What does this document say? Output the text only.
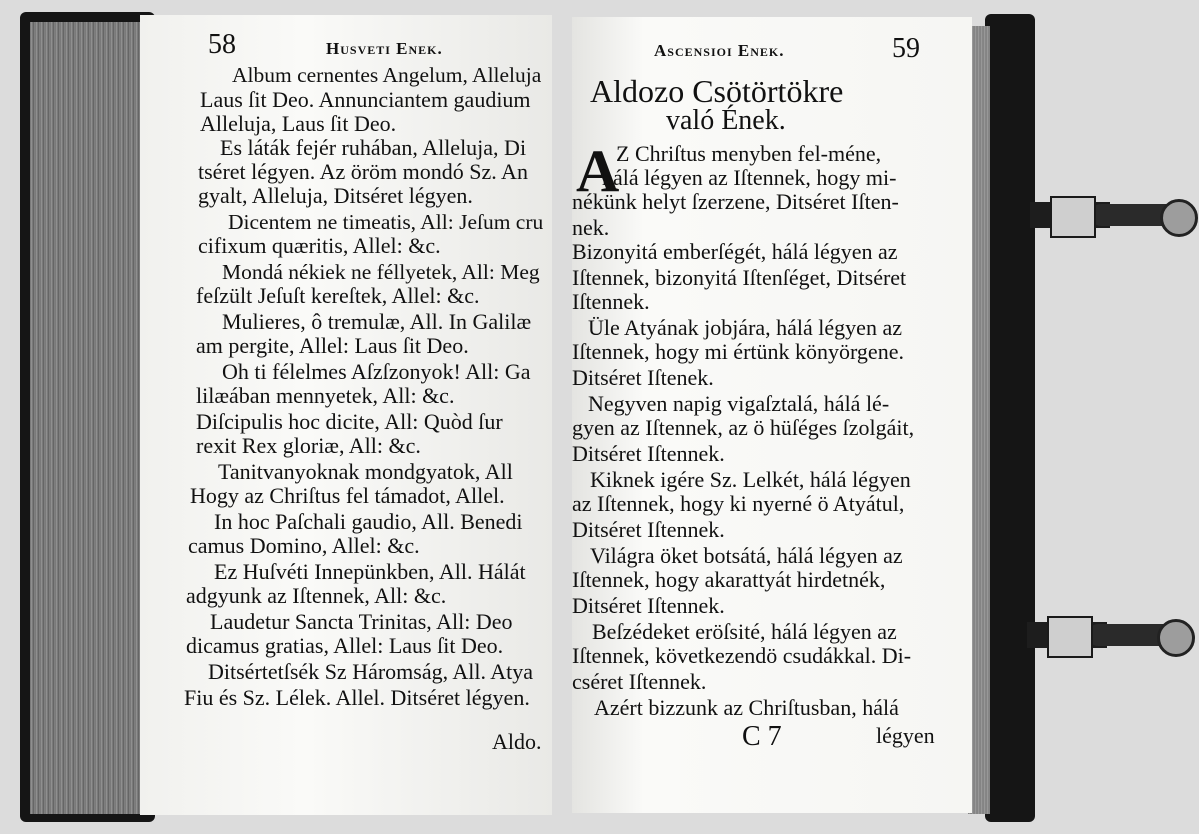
58	Husveti Enek.
Album cernentes Angelum, Alleluja
Laus ſit Deo. Annunciantem gaudium
Alleluja, Laus ſit Deo.
Es láták fejér ruhában, Alleluja, Di
tséret légyen. Az öröm mondó Sz. An
gyalt, Alleluja, Ditséret légyen.
Dicentem ne timeatis, All: Jeſum cru
cifixum quæritis, Allel: &c.
Mondá nékiek ne féllyetek, All: Meg
feſzült Jeſuſt kereſtek, Allel: &c.
Mulieres, ô tremulæ, All. In Galilæ
am pergite, Allel: Laus ſit Deo.
Oh ti félelmes Aſzſzonyok! All: Ga
lilæában mennyetek, All: &c.
Diſcipulis hoc dicite, All: Quòd ſur
rexit Rex gloriæ, All: &c.
Tanitvanyoknak mondgyatok, All
Hogy az Chriſtus fel támadot, Allel.
In hoc Paſchali gaudio, All. Benedi
camus Domino, Allel: &c.
Ez Huſvéti Innepünkben, All. Hálát
adgyunk az Iſtennek, All: &c.
Laudetur Sancta Trinitas, All: Deo
dicamus gratias, Allel: Laus ſit Deo.
Ditsértetſsék Sz Háromság, All. Atya
Fiu és Sz. Lélek. Allel. Ditséret légyen.
Aldo.
Ascensioi Enek.	59
Aldozo Csötörtökre
való Ének.
A
Z Chriſtus menyben fel-méne,
hálá légyen az Iſtennek, hogy mi-
nékünk helyt ſzerzene, Ditséret Iſten-
nek.
Bizonyitá emberſégét, hálá légyen az
Iſtennek, bizonyitá Iſtenſéget, Ditséret
Iſtennek.
Üle Atyának jobjára, hálá légyen az
Iſtennek, hogy mi értünk könyörgene.
Ditséret Iſtenek.
Negyven napig vigaſztalá, hálá lé-
gyen az Iſtennek, az ö hüſéges ſzolgáit,
Ditséret Iſtennek.
Kiknek igére Sz. Lelkét, hálá légyen
az Iſtennek, hogy ki nyerné ö Atyátul,
Ditséret Iſtennek.
Világra öket botsátá, hálá légyen az
Iſtennek, hogy akarattyát hirdetnék,
Ditséret Iſtennek.
Beſzédeket eröſsité, hálá légyen az
Iſtennek, következendö csudákkal. Di-
cséret Iſtennek.
Azért bizzunk az Chriſtusban, hálá
C 7	légyen
